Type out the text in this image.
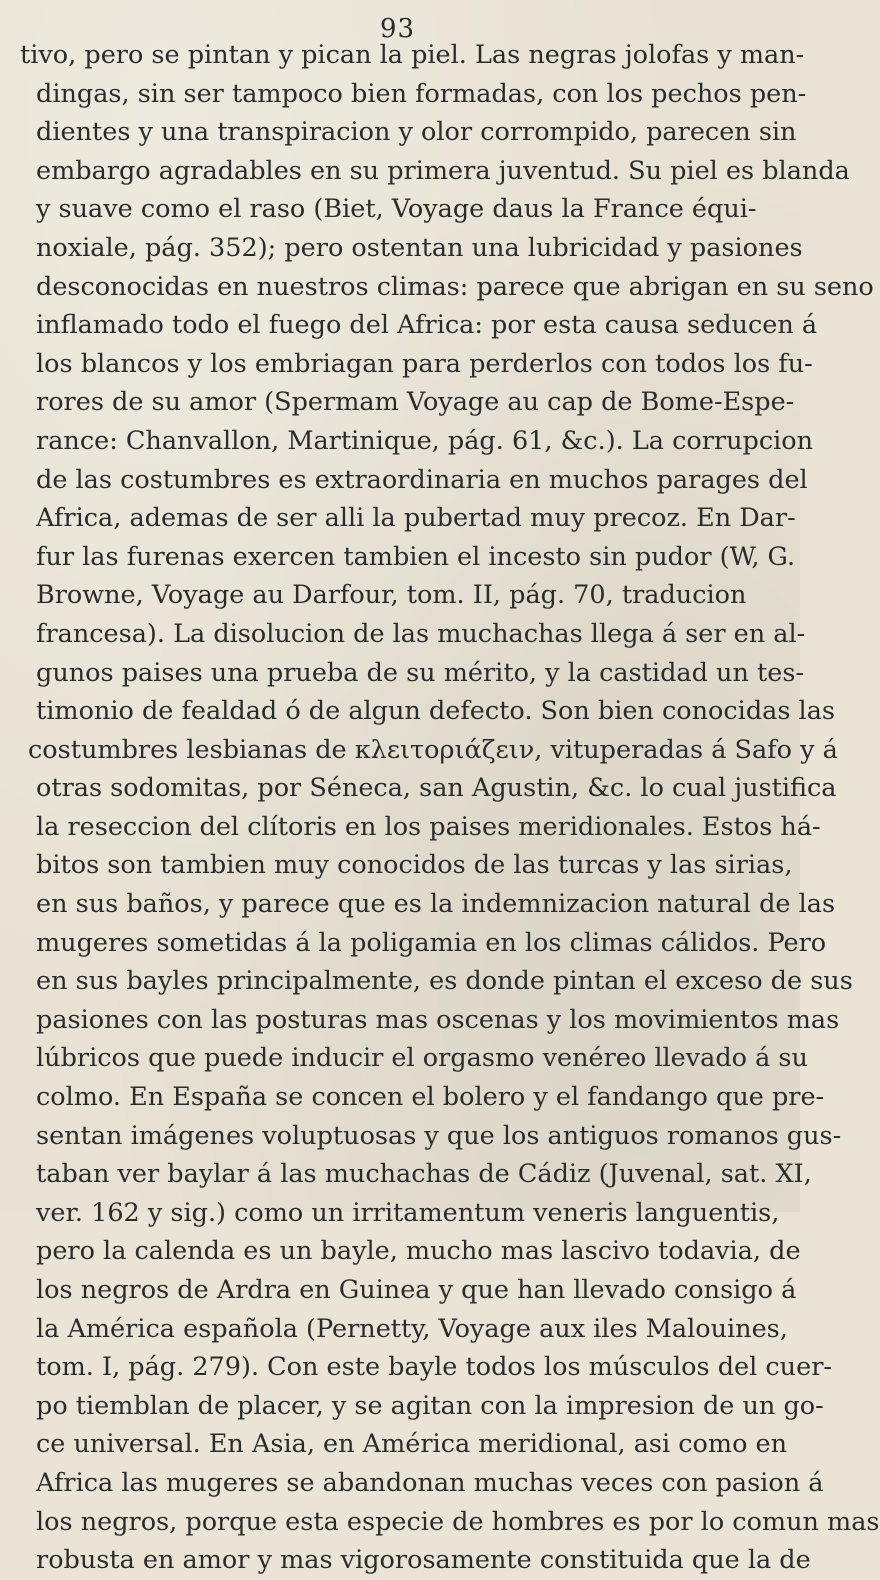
93
tivo, pero se pintan y pican la piel. Las negras jolofas y man-
dingas, sin ser tampoco bien formadas, con los pechos pen-
dientes y una transpiracion y olor corrompido, parecen sin
embargo agradables en su primera juventud. Su piel es blanda
y suave como el raso (Biet, Voyage daus la France équi-
noxiale, pág. 352); pero ostentan una lubricidad y pasiones
desconocidas en nuestros climas: parece que abrigan en su seno
inflamado todo el fuego del Africa: por esta causa seducen á
los blancos y los embriagan para perderlos con todos los fu-
rores de su amor (Spermam Voyage au cap de Bome-Espe-
rance: Chanvallon, Martinique, pág. 61, &c.). La corrupcion
de las costumbres es extraordinaria en muchos parages del
Africa, ademas de ser alli la pubertad muy precoz. En Dar-
fur las furenas exercen tambien el incesto sin pudor (W, G.
Browne, Voyage au Darfour, tom. II, pág. 70, traducion
francesa). La disolucion de las muchachas llega á ser en al-
gunos paises una prueba de su mérito, y la castidad un tes-
timonio de fealdad ó de algun defecto. Son bien conocidas las
costumbres lesbianas de κλειτοριάζειν, vituperadas á Safo y á
otras sodomitas, por Séneca, san Agustin, &c. lo cual justifica
la reseccion del clítoris en los paises meridionales. Estos há-
bitos son tambien muy conocidos de las turcas y las sirias,
en sus baños, y parece que es la indemnizacion natural de las
mugeres sometidas á la poligamia en los climas cálidos. Pero
en sus bayles principalmente, es donde pintan el exceso de sus
pasiones con las posturas mas oscenas y los movimientos mas
lúbricos que puede inducir el orgasmo venéreo llevado á su
colmo. En España se concen el bolero y el fandango que pre-
sentan imágenes voluptuosas y que los antiguos romanos gus-
taban ver baylar á las muchachas de Cádiz (Juvenal, sat. XI,
ver. 162 y sig.) como un irritamentum veneris languentis,
pero la calenda es un bayle, mucho mas lascivo todavia, de
los negros de Ardra en Guinea y que han llevado consigo á
la América española (Pernetty, Voyage aux iles Malouines,
tom. I, pág. 279). Con este bayle todos los músculos del cuer-
po tiemblan de placer, y se agitan con la impresion de un go-
ce universal. En Asia, en América meridional, asi como en
Africa las mugeres se abandonan muchas veces con pasion á
los negros, porque esta especie de hombres es por lo comun mas
robusta en amor y mas vigorosamente constituida que la de
